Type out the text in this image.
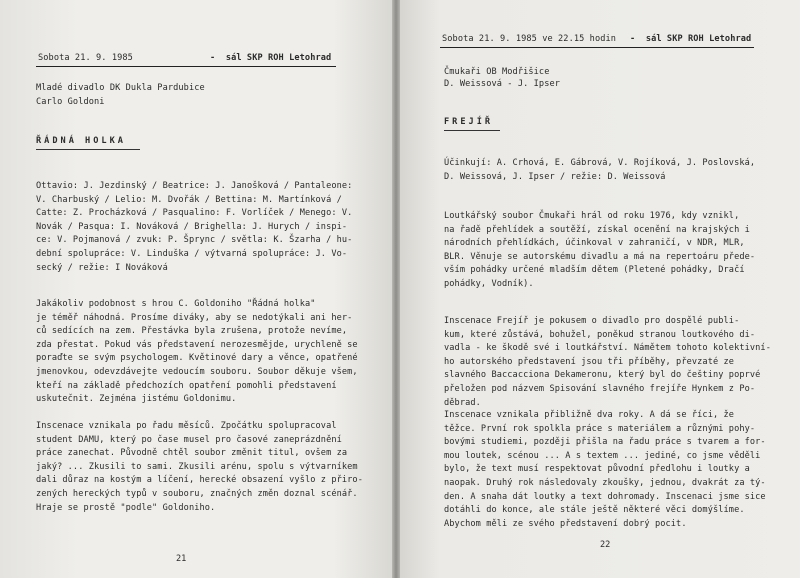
Sobota 21. 9. 1985	-  sál SKP ROH Letohrad
Mladé divadlo DK Dukla Pardubice
Carlo Goldoni
ŘÁDNÁ HOLKA
Ottavio: J. Jezdinský / Beatrice: J. Janošková / Pantaleone:
V. Charbuský / Lelio: M. Dvořák / Bettina: M. Martínková /
Catte: Z. Procházková / Pasqualino: F. Vorlíček / Menego: V.
Novák / Pasqua: I. Nováková / Brighella: J. Hurych / inspi-
ce: V. Pojmanová / zvuk: P. Šprync / světla: K. Šzarha / hu-
dební spolupráce: V. Linduška / výtvarná spolupráce: J. Vo-
secký / režie: I Nováková
Jakákoliv podobnost s hrou C. Goldoniho "Řádná holka"
je téměř náhodná. Prosíme diváky, aby se nedotýkali ani her-
ců sedících na zem. Přestávka byla zrušena, protože nevíme,
zda přestat. Pokud vás představení nerozesmějde, urychleně se
poraďte se svým psychologem. Květinové dary a věnce, opatřené
jmenovkou, odevzdávejte vedoucím souboru. Soubor děkuje všem,
kteří na základě předchozích opatření pomohli představení
uskutečnit. Zejména jistému Goldonimu.
Inscenace vznikala po řadu měsíců. Zpočátku spolupracoval
student DAMU, který po čase musel pro časové zaneprázdnění
práce zanechat. Původně chtěl soubor změnit titul, ovšem za
jaký? ... Zkusili to sami. Zkusili arénu, spolu s výtvarníkem
dali důraz na kostým a líčení, herecké obsazení vyšlo z přiro-
zených hereckých typů v souboru, značných změn doznal scénář.
Hraje se prostě "podle" Goldoniho.
21
Sobota 21. 9. 1985 ve 22.15 hodin -  sál SKP ROH Letohrad
Čmukaři OB Modřišice
D. Weissová - J. Ipser
FREJÍŘ
Účinkují: A. Crhová, E. Gábrová, V. Rojíková, J. Poslovská,
D. Weissová, J. Ipser / režie: D. Weissová
Loutkářský soubor Čmukaři hrál od roku 1976, kdy vznikl,
na řadě přehlídek a soutěží, získal ocenění na krajských i
národních přehlídkách, účinkoval v zahraničí, v NDR, MLR,
BLR. Věnuje se autorskému divadlu a má na repertoáru přede-
vším pohádky určené mladším dětem (Pletené pohádky, Dračí
pohádky, Vodník).
Inscenace Frejíř je pokusem o divadlo pro dospělé publi-
kum, které zůstává, bohužel, poněkud stranou loutkového di-
vadla - ke škodě své i loutkářství. Námětem tohoto kolektivní-
ho autorského představení jsou tři příběhy, převzaté ze
slavného Baccaccionа Dekameronu, který byl do češtiny poprvé
přeložen pod názvem Spisování slavného frejíře Hynkem z Po-
děbrad.
Inscenace vznikala přibližně dva roky. A dá se říci, že
těžce. První rok spolkla práce s materiálem a různými pohy-
bovými studiemi, později přišla na řadu práce s tvarem a for-
mou loutek, scénou ... A s textem ... jediné, co jsme věděli
bylo, že text musí respektovat původní předlohu i loutky a
naopak. Druhý rok následovaly zkoušky, jednou, dvakrát za tý-
den. A snaha dát loutky a text dohromady. Inscenaci jsme sice
dotáhli do konce, ale stále ještě některé věci domýšlíme.
Abychom měli ze svého představení dobrý pocit.
22
